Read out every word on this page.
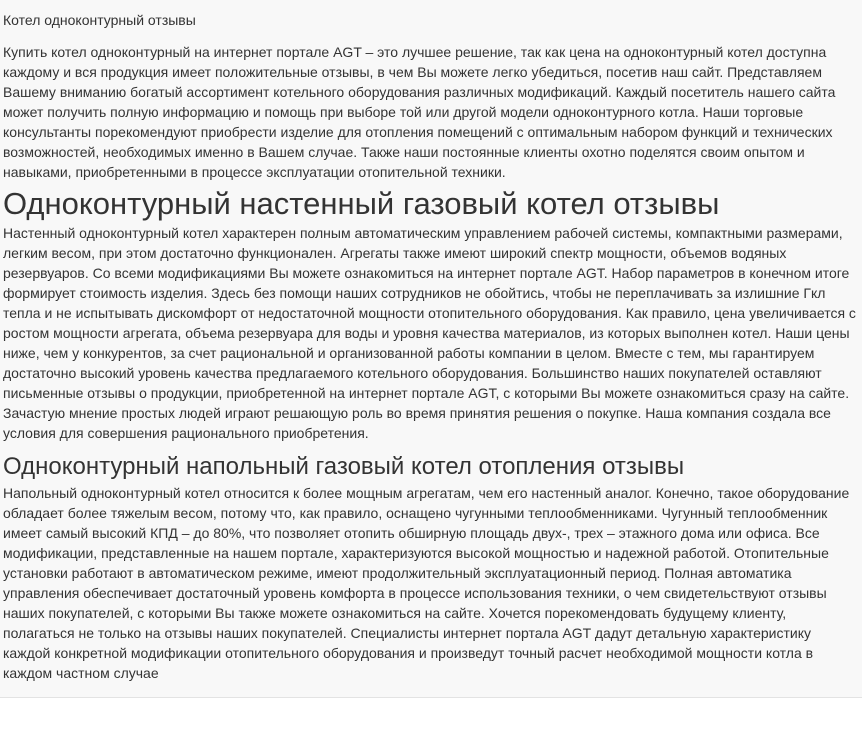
Котел одноконтурный отзывы

Купить котел одноконтурный на интернет портале AGT – это лучшее решение, так как цена на одноконтурный котел доступна каждому и вся продукция имеет положительные отзывы, в чем Вы можете легко убедиться, посетив наш сайт. Представляем Вашему вниманию богатый ассортимент котельного оборудования различных модификаций. Каждый посетитель нашего сайта может получить полную информацию и помощь при выборе той или другой модели одноконтурного котла. Наши торговые консультанты порекомендуют приобрести изделие для отопления помещений с оптимальным набором функций и технических возможностей, необходимых именно в Вашем случае. Также наши постоянные клиенты охотно поделятся своим опытом и навыками, приобретенными в процессе эксплуатации отопительной техники.

Одноконтурный настенный газовый котел отзывы

Настенный одноконтурный котел характерен полным автоматическим управлением рабочей системы, компактными размерами, легким весом, при этом достаточно функционален. Агрегаты также имеют широкий спектр мощности, объемов водяных резервуаров. Со всеми модификациями Вы можете ознакомиться на интернет портале AGT. Набор параметров в конечном итоге формирует стоимость изделия. Здесь без помощи наших сотрудников не обойтись, чтобы не переплачивать за излишние Гкл тепла и не испытывать дискомфорт от недостаточной мощности отопительного оборудования. Как правило, цена увеличивается с ростом мощности агрегата, объема резервуара для воды и уровня качества материалов, из которых выполнен котел. Наши цены ниже, чем у конкурентов, за счет рациональной и организованной работы компании в целом. Вместе с тем, мы гарантируем достаточно высокий уровень качества предлагаемого котельного оборудования. Большинство наших покупателей оставляют письменные отзывы о продукции, приобретенной на интернет портале AGT, с которыми Вы можете ознакомиться сразу на сайте. Зачастую мнение простых людей играют решающую роль во время принятия решения о покупке. Наша компания создала все условия для совершения рационального приобретения.

Одноконтурный напольный газовый котел отопления отзывы

Напольный одноконтурный котел относится к более мощным агрегатам, чем его настенный аналог. Конечно, такое оборудование обладает более тяжелым весом, потому что, как правило, оснащено чугунными теплообменниками. Чугунный теплообменник имеет самый высокий КПД – до 80%, что позволяет отопить обширную площадь двух-, трех – этажного дома или офиса. Все модификации, представленные на нашем портале, характеризуются высокой мощностью и надежной работой. Отопительные установки работают в автоматическом режиме, имеют продолжительный эксплуатационный период. Полная автоматика управления обеспечивает достаточный уровень комфорта в процессе использования техники, о чем свидетельствуют отзывы наших покупателей, с которыми Вы также можете ознакомиться на сайте. Хочется порекомендовать будущему клиенту, полагаться не только на отзывы наших покупателей. Специалисты интернет портала AGT дадут детальную характеристику каждой конкретной модификации отопительного оборудования и произведут точный расчет необходимой мощности котла в каждом частном случае
